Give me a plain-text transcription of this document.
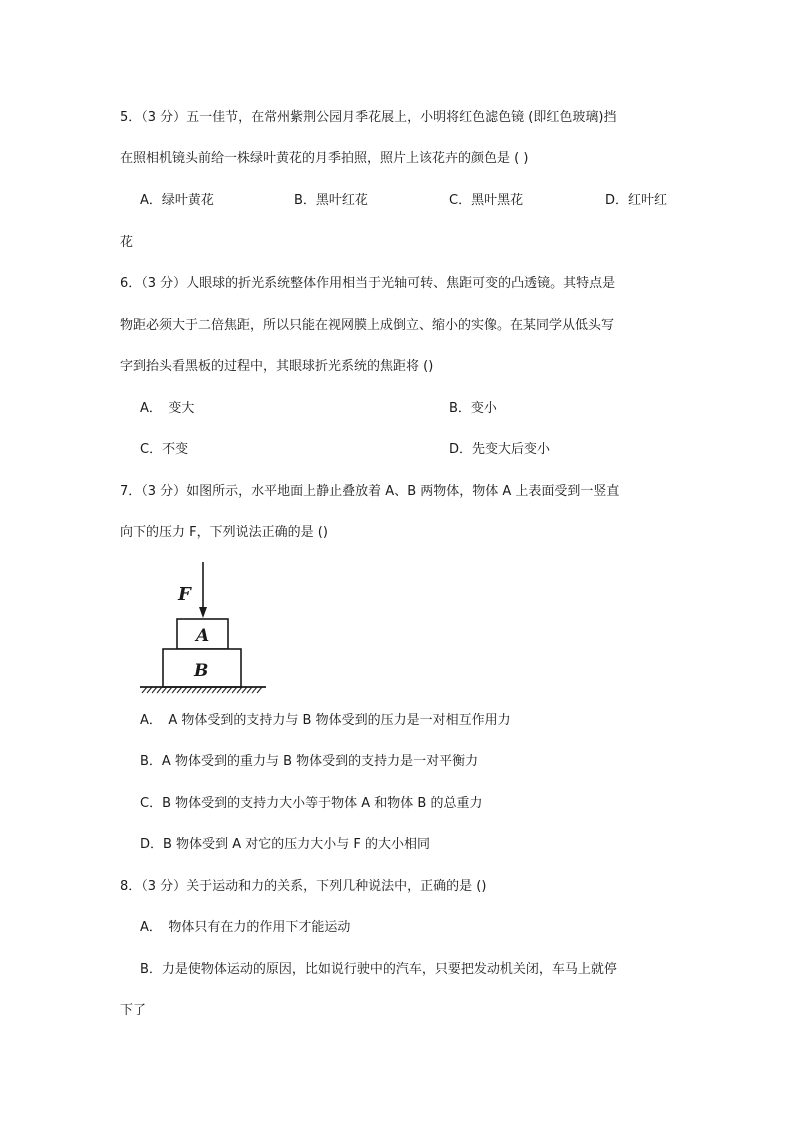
5．（3 分）五一佳节，在常州紫荆公园月季花展上，小明将红色滤色镜 (即红色玻璃)挡
在照相机镜头前给一株绿叶黄花的月季拍照，照片上该花卉的颜色是 ( )
A．绿叶黄花	B．黑叶红花	C．黑叶黑花	D．红叶红
花
6．（3 分）人眼球的折光系统整体作用相当于光轴可转、焦距可变的凸透镜。其特点是
物距必须大于二倍焦距，所以只能在视网膜上成倒立、缩小的实像。在某同学从低头写
字到抬头看黑板的过程中，其眼球折光系统的焦距将 ()
A．　变大	B．变小
C．不变	D．先变大后变小
7．（3 分）如图所示，水平地面上静止叠放着 A、B 两物体，物体 A 上表面受到一竖直
向下的压力 F，下列说法正确的是 ()
F
A
B
A．　A 物体受到的支持力与 B 物体受到的压力是一对相互作用力
B．A 物体受到的重力与 B 物体受到的支持力是一对平衡力
C．B 物体受到的支持力大小等于物体 A 和物体 B 的总重力
D．B 物体受到 A 对它的压力大小与 F 的大小相同
8．（3 分）关于运动和力的关系，下列几种说法中，正确的是 ()
A．　物体只有在力的作用下才能运动
B．力是使物体运动的原因，比如说行驶中的汽车，只要把发动机关闭，车马上就停
下了
